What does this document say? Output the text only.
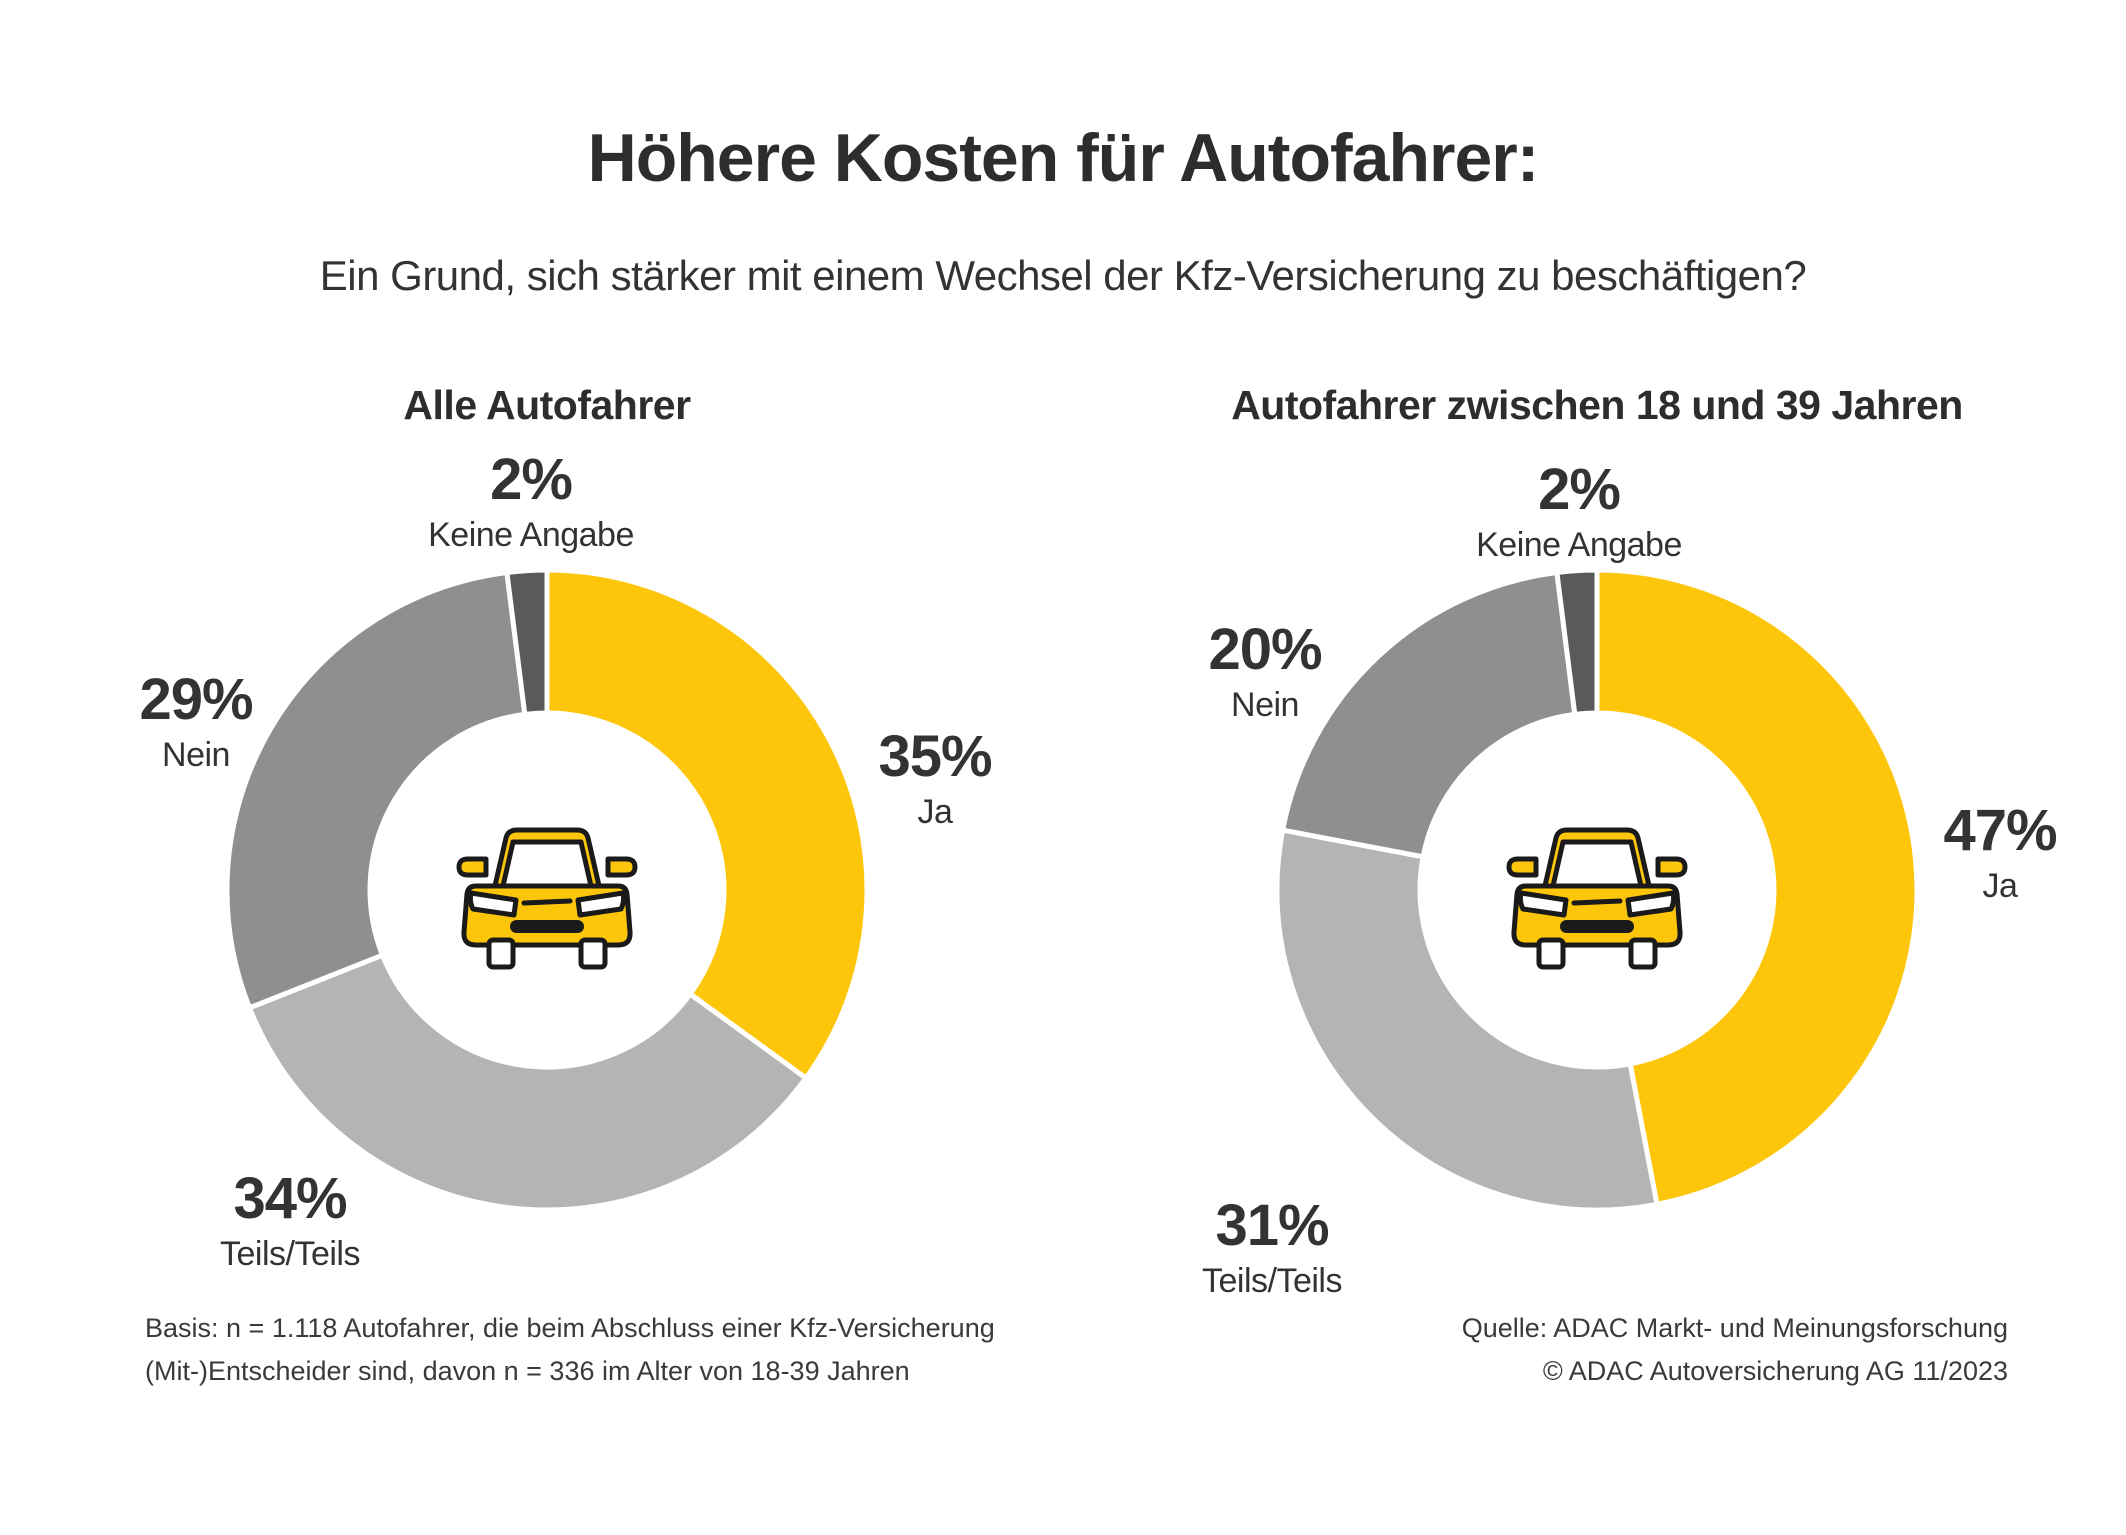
Höhere Kosten für Autofahrer:
Ein Grund, sich stärker mit einem Wechsel der Kfz-Versicherung zu beschäftigen?
Alle Autofahrer
35%
Ja
34%
Teils/Teils
29%
Nein
2%
Keine Angabe
Autofahrer zwischen 18 und 39 Jahren
47%
Ja
31%
Teils/Teils
20%
Nein
2%
Keine Angabe
Basis: n = 1.118 Autofahrer, die beim Abschluss einer Kfz-Versicherung
(Mit-)Entscheider sind, davon n = 336 im Alter von 18-39 Jahren
Quelle: ADAC Markt- und Meinungsforschung
© ADAC Autoversicherung AG 11/2023
